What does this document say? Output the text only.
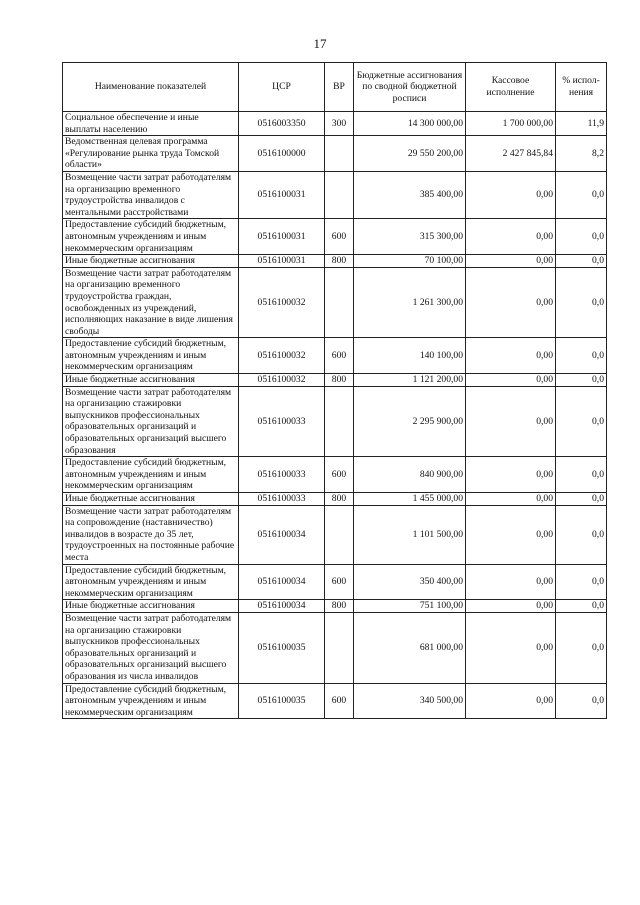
17
Наименование показателей	ЦСР	ВР	Бюджетные ассигнования по сводной бюджетной росписи	Кассовое исполнение	% испол-нения
Социальное обеспечение и иные выплаты населению	0516003350	300	14 300 000,00	1 700 000,00	11,9
Ведомственная целевая программа «Регулирование рынка труда Томской области»	0516100000		29 550 200,00	2 427 845,84	8,2
Возмещение части затрат работодателям на организацию временного трудоустройства инвалидов с ментальными расстройствами	0516100031		385 400,00	0,00	0,0
Предоставление субсидий бюджетным, автономным учреждениям и иным некоммерческим организациям	0516100031	600	315 300,00	0,00	0,0
Иные бюджетные ассигнования	0516100031	800	70 100,00	0,00	0,0
Возмещение части затрат работодателям на организацию временного трудоустройства граждан, освобожденных из учреждений, исполняющих наказание в виде лишения свободы	0516100032		1 261 300,00	0,00	0,0
Предоставление субсидий бюджетным, автономным учреждениям и иным некоммерческим организациям	0516100032	600	140 100,00	0,00	0,0
Иные бюджетные ассигнования	0516100032	800	1 121 200,00	0,00	0,0
Возмещение части затрат работодателям на организацию стажировки выпускников профессиональных образовательных организаций и образовательных организаций высшего образования	0516100033		2 295 900,00	0,00	0,0
Предоставление субсидий бюджетным, автономным учреждениям и иным некоммерческим организациям	0516100033	600	840 900,00	0,00	0,0
Иные бюджетные ассигнования	0516100033	800	1 455 000,00	0,00	0,0
Возмещение части затрат работодателям на сопровождение (наставничество) инвалидов в возрасте до 35 лет, трудоустроенных на постоянные рабочие места	0516100034		1 101 500,00	0,00	0,0
Предоставление субсидий бюджетным, автономным учреждениям и иным некоммерческим организациям	0516100034	600	350 400,00	0,00	0,0
Иные бюджетные ассигнования	0516100034	800	751 100,00	0,00	0,0
Возмещение части затрат работодателям на организацию стажировки выпускников профессиональных образовательных организаций и образовательных организаций высшего образования из числа инвалидов	0516100035		681 000,00	0,00	0,0
Предоставление субсидий бюджетным, автономным учреждениям и иным некоммерческим организациям	0516100035	600	340 500,00	0,00	0,0
